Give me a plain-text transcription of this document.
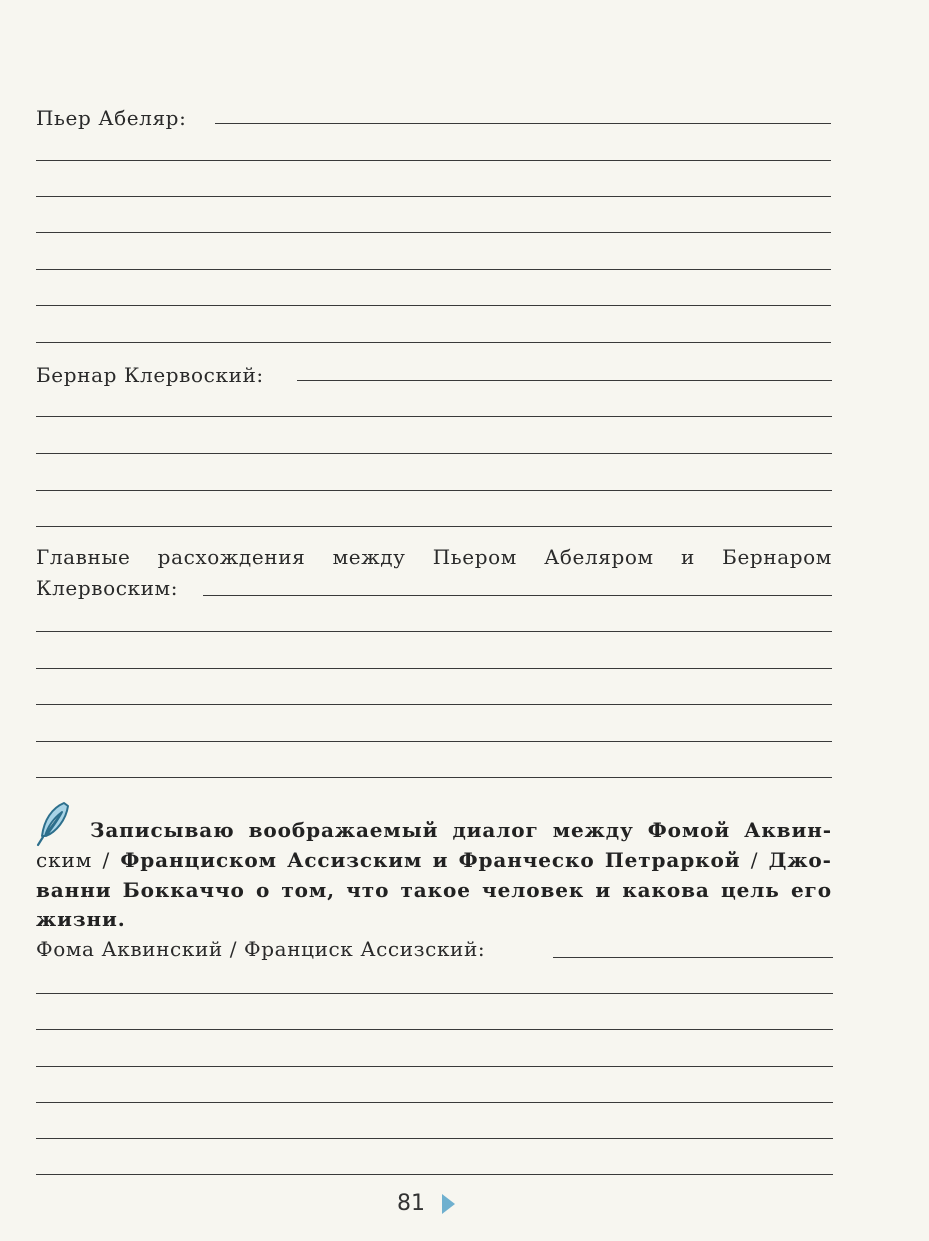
Пьер Абеляр:
Бернар Клервоский:
Главные расхождения между Пьером Абеляром и Бернаром
Клервоским:
Записываю воображаемый диалог между Фомой Аквин-
ским / Франциском Ассизским и Франческо Петраркой / Джо-
ванни Боккаччо о том, что такое человек и какова цель его
жизни.
Фома Аквинский / Франциск Ассизский:
81
